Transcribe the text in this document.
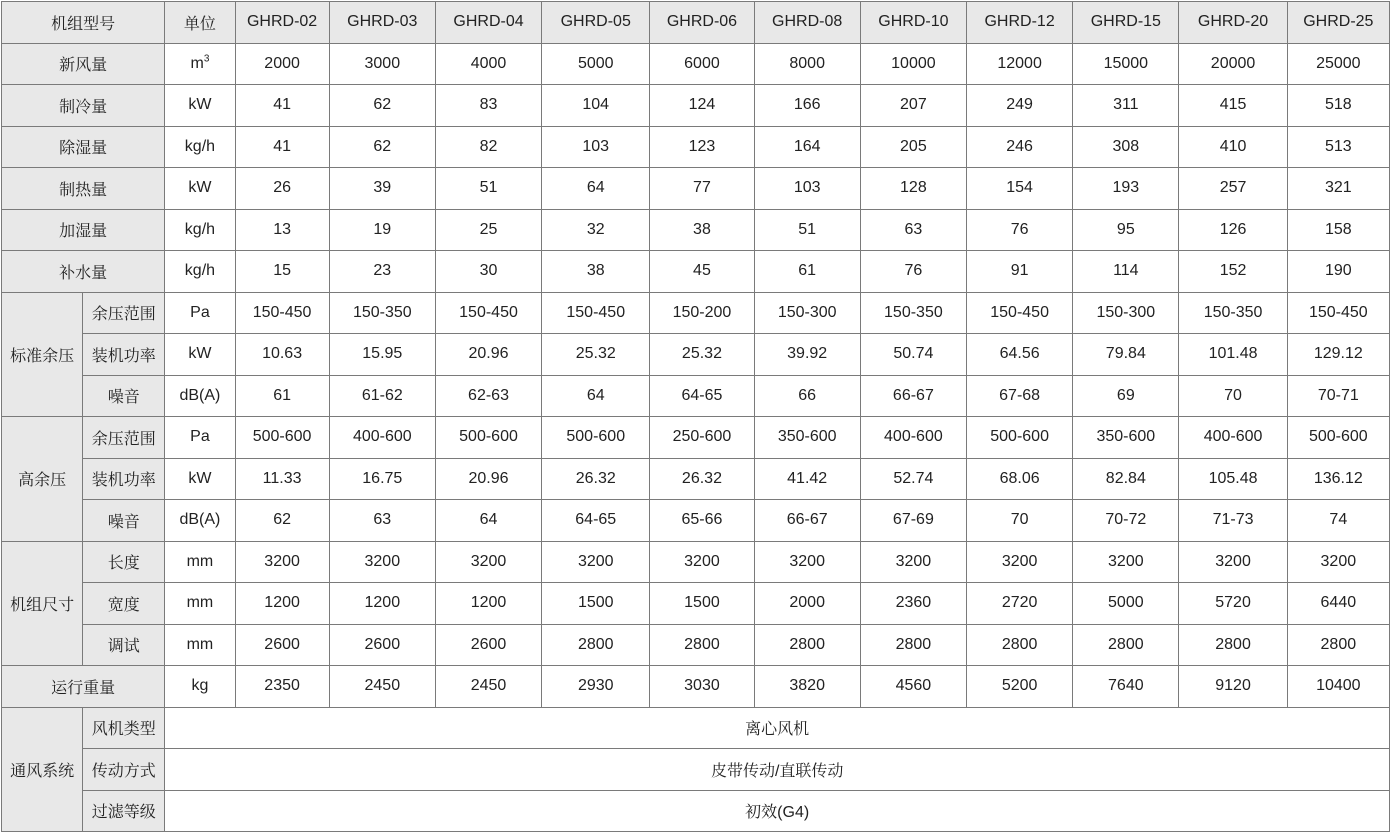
机组型号		单位	GHRD-02	GHRD-03	GHRD-04	GHRD-05	GHRD-06	GHRD-08	GHRD-10	GHRD-12	GHRD-15	GHRD-20	GHRD-25
新风量		$m^3$	2000	3000	4000	5000	6000	8000	10000	12000	15000	20000	25000
制冷量		kW	41	62	83	104	124	166	207	249	311	415	518
除湿量		kg/h	41	62	82	103	123	164	205	246	308	410	513
制热量		kW	26	39	51	64	77	103	128	154	193	257	321
加湿量		kg/h	13	19	25	32	38	51	63	76	95	126	158
补水量		kg/h	15	23	30	38	45	61	76	91	114	152	190
标准余压	余压范围	Pa	150-450	150-350	150-450	150-450	150-200	150-300	150-350	150-450	150-300	150-350	150-450
	装机功率	kW	10.63	15.95	20.96	25.32	25.32	39.92	50.74	64.56	79.84	101.48	129.12
	噪音	dB(A)	61	61-62	62-63	64	64-65	66	66-67	67-68	69	70	70-71
高余压	余压范围	Pa	500-600	400-600	500-600	500-600	250-600	350-600	400-600	500-600	350-600	400-600	500-600
	装机功率	kW	11.33	16.75	20.96	26.32	26.32	41.42	52.74	68.06	82.84	105.48	136.12
	噪音	dB(A)	62	63	64	64-65	65-66	66-67	67-69	70	70-72	71-73	74
机组尺寸	长度	mm	3200	3200	3200	3200	3200	3200	3200	3200	3200	3200	3200
	宽度	mm	1200	1200	1200	1500	1500	2000	2360	2720	5000	5720	6440
	调试	mm	2600	2600	2600	2800	2800	2800	2800	2800	2800	2800	2800
运行重量		kg	2350	2450	2450	2930	3030	3820	4560	5200	7640	9120	10400
通风系统	风机类型	离心风机											
	传动方式	皮带传动/直联传动											
	过滤等级	初效(G4)											
